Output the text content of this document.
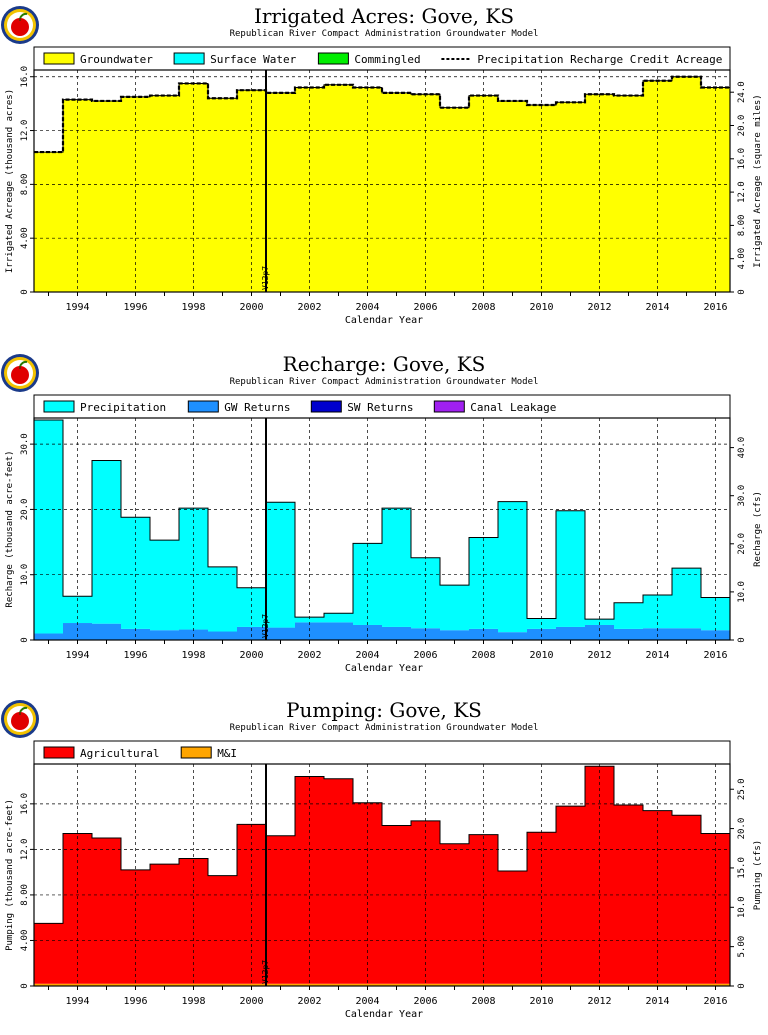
Irrigated Acres: Gove, KS
Republican River Compact Administration Groundwater Model
Groundwater	Surface Water	Commingled	Precipitation Recharge Credit Acreage
V12p7
1994	1996	1998	2000	2002	2004	2006	2008	2010	2012	2014	2016
Calendar Year
0
4.00
8.00
12.0
16.0
Irrigated Acreage (thousand acres)
0
4.00
8.00
12.0
16.0
20.0
24.0
Irrigated Acreage (square miles)
Recharge: Gove, KS
Republican River Compact Administration Groundwater Model
Precipitation	GW Returns	SW Returns	Canal Leakage
V12p7
1994	1996	1998	2000	2002	2004	2006	2008	2010	2012	2014	2016
Calendar Year
0
10.0
20.0
30.0
Recharge (thousand acre-feet)
0
10.0
20.0
30.0
40.0
Recharge (cfs)
Pumping: Gove, KS
Republican River Compact Administration Groundwater Model
Agricultural	M&I
V12p7
1994	1996	1998	2000	2002	2004	2006	2008	2010	2012	2014	2016
Calendar Year
0
4.00
8.00
12.0
16.0
Pumping (thousand acre-feet)
0
5.00
10.0
15.0
20.0
25.0
Pumping (cfs)
